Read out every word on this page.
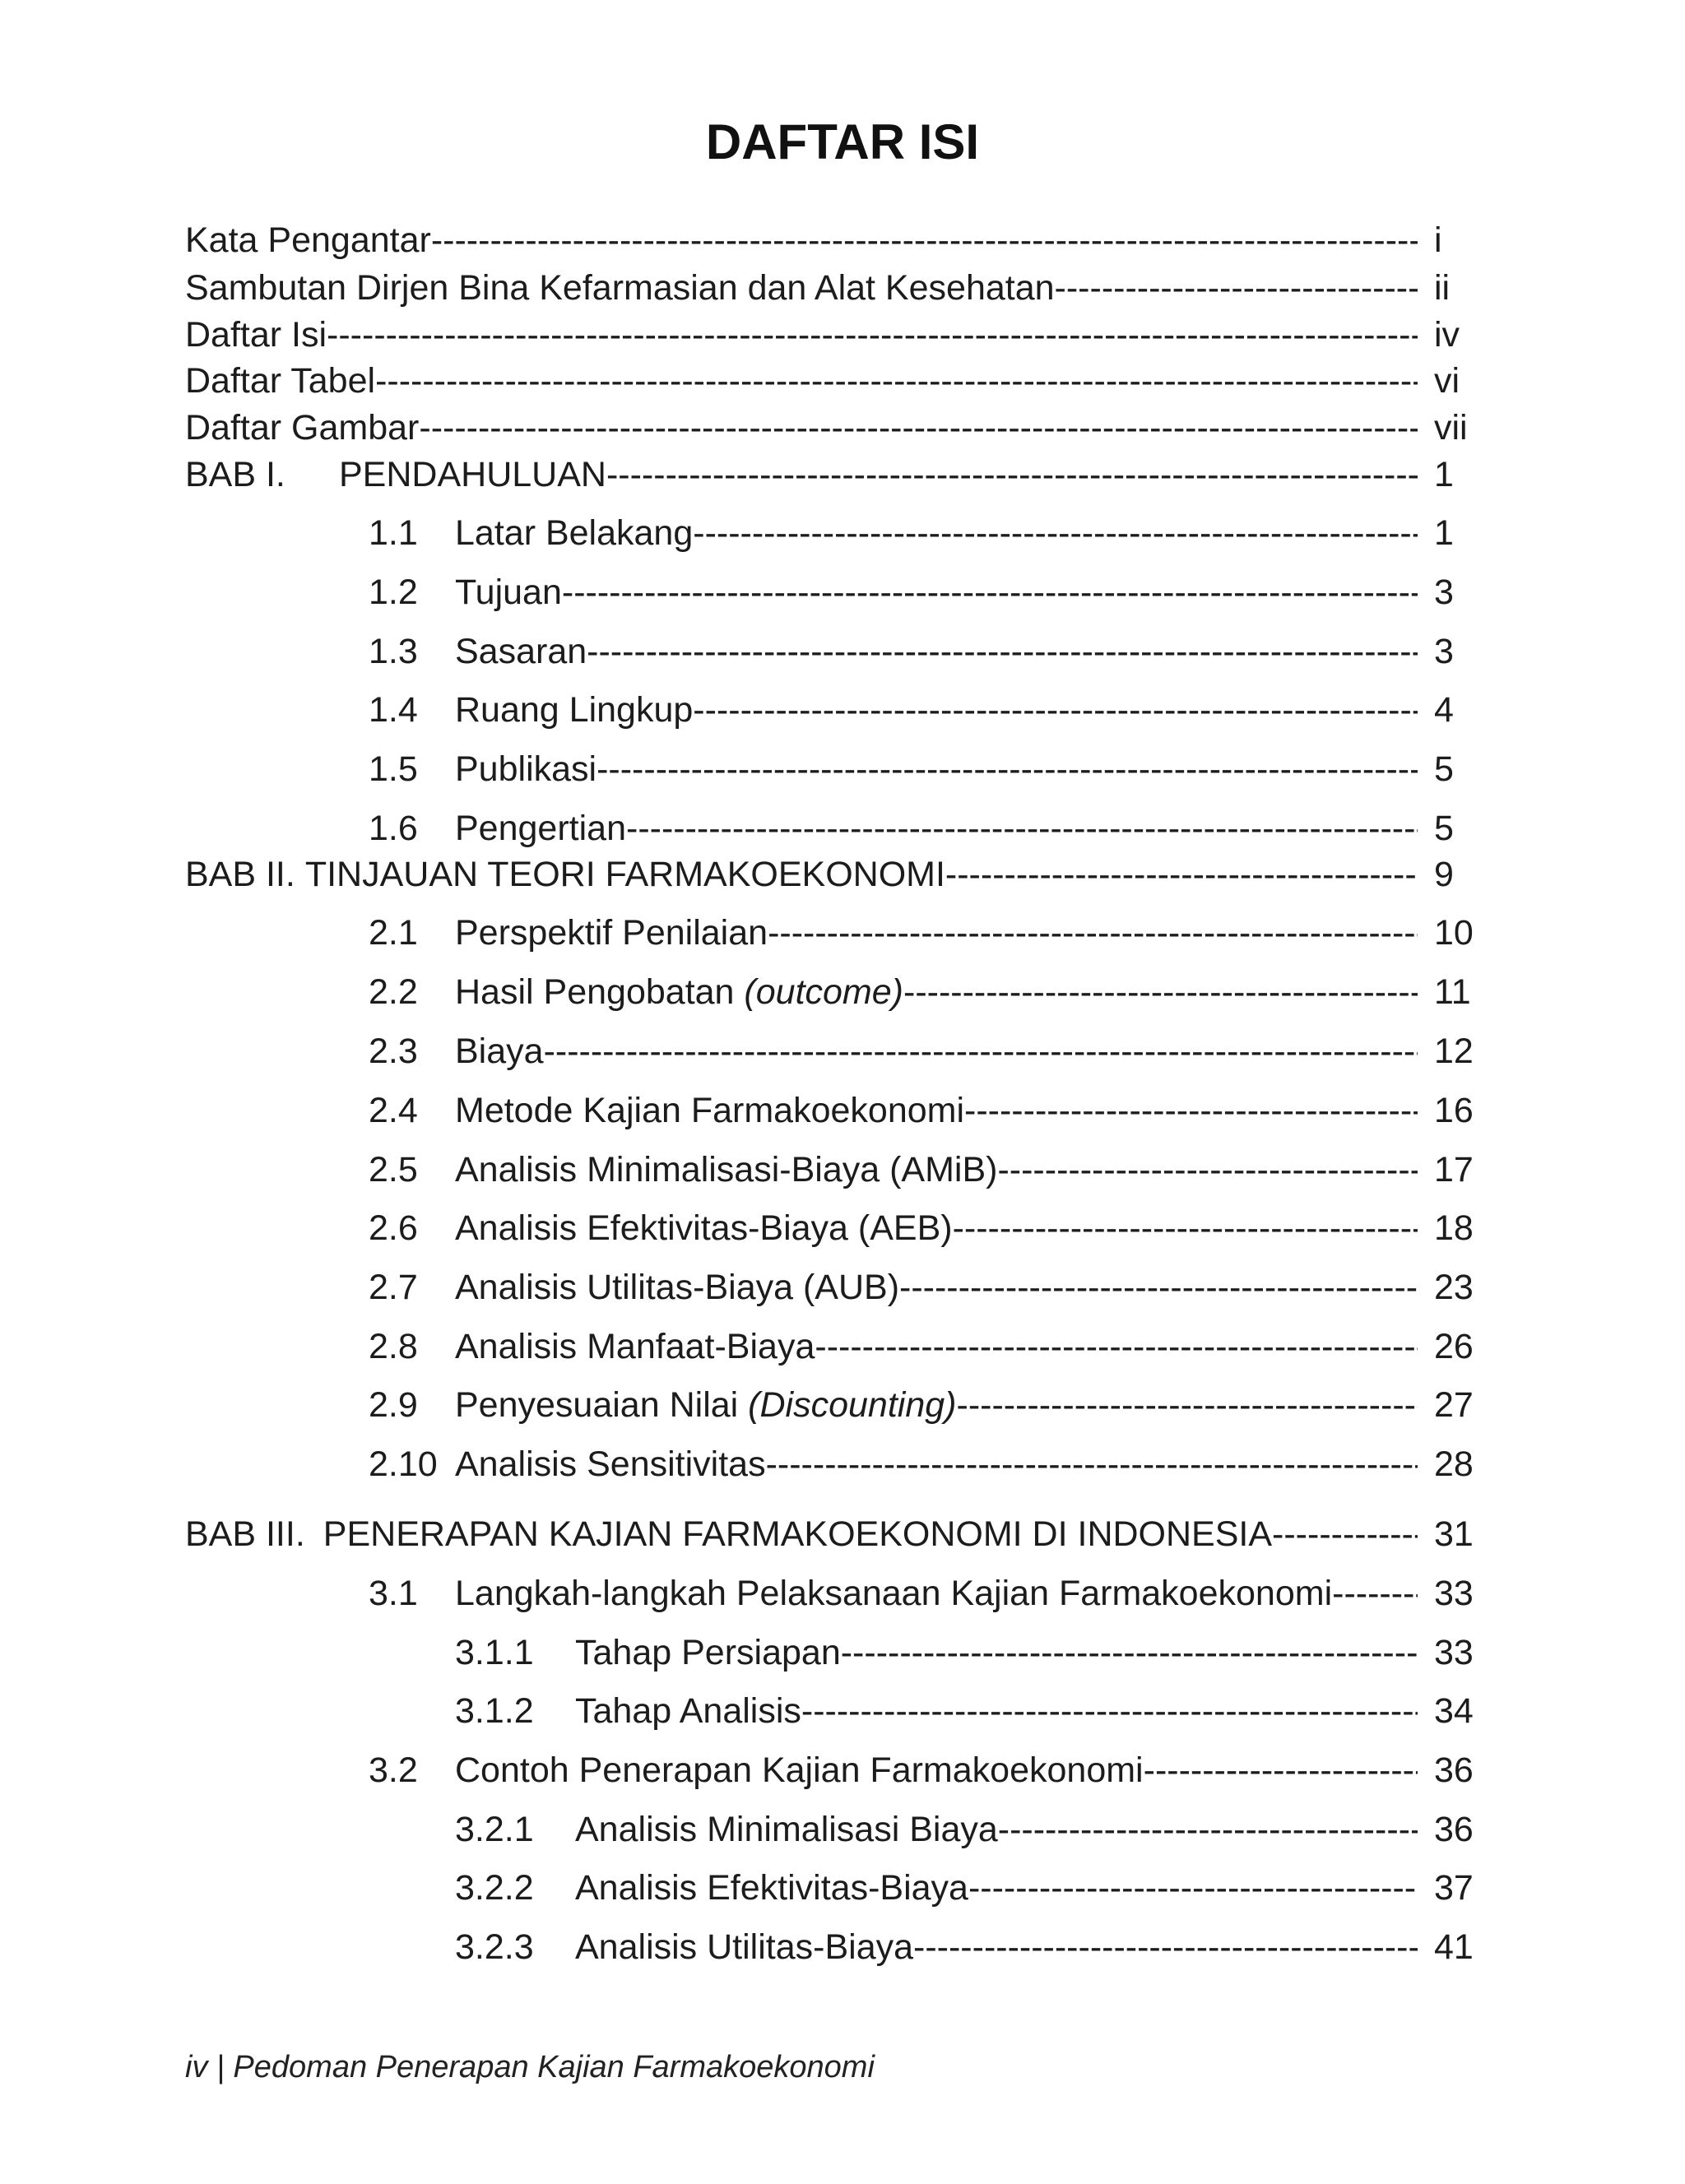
DAFTAR ISI
Kata Pengantar -----	i
Sambutan Dirjen Bina Kefarmasian dan Alat Kesehatan -----	ii
Daftar Isi -----	iv
Daftar Tabel -----	vi
Daftar Gambar -----	vii
BAB I. PENDAHULUAN -----	1
1.1 Latar Belakang -----	1
1.2 Tujuan -----	3
1.3 Sasaran -----	3
1.4 Ruang Lingkup -----	4
1.5 Publikasi -----	5
1.6 Pengertian -----	5
BAB II. TINJAUAN TEORI FARMAKOEKONOMI -----	9
2.1 Perspektif Penilaian -----	10
2.2 Hasil Pengobatan (outcome) -----	11
2.3 Biaya -----	12
2.4 Metode Kajian Farmakoekonomi -----	16
2.5 Analisis Minimalisasi-Biaya (AMiB) -----	17
2.6 Analisis Efektivitas-Biaya (AEB) -----	18
2.7 Analisis Utilitas-Biaya (AUB) -----	23
2.8 Analisis Manfaat-Biaya -----	26
2.9 Penyesuaian Nilai (Discounting) -----	27
2.10 Analisis Sensitivitas -----	28
BAB III. PENERAPAN KAJIAN FARMAKOEKONOMI DI INDONESIA -----	31
3.1 Langkah-langkah Pelaksanaan Kajian Farmakoekonomi -----	33
3.1.1 Tahap Persiapan -----	33
3.1.2 Tahap Analisis -----	34
3.2 Contoh Penerapan Kajian Farmakoekonomi -----	36
3.2.1 Analisis Minimalisasi Biaya -----	36
3.2.2 Analisis Efektivitas-Biaya -----	37
3.2.3 Analisis Utilitas-Biaya -----	41
iv | Pedoman Penerapan Kajian Farmakoekonomi
